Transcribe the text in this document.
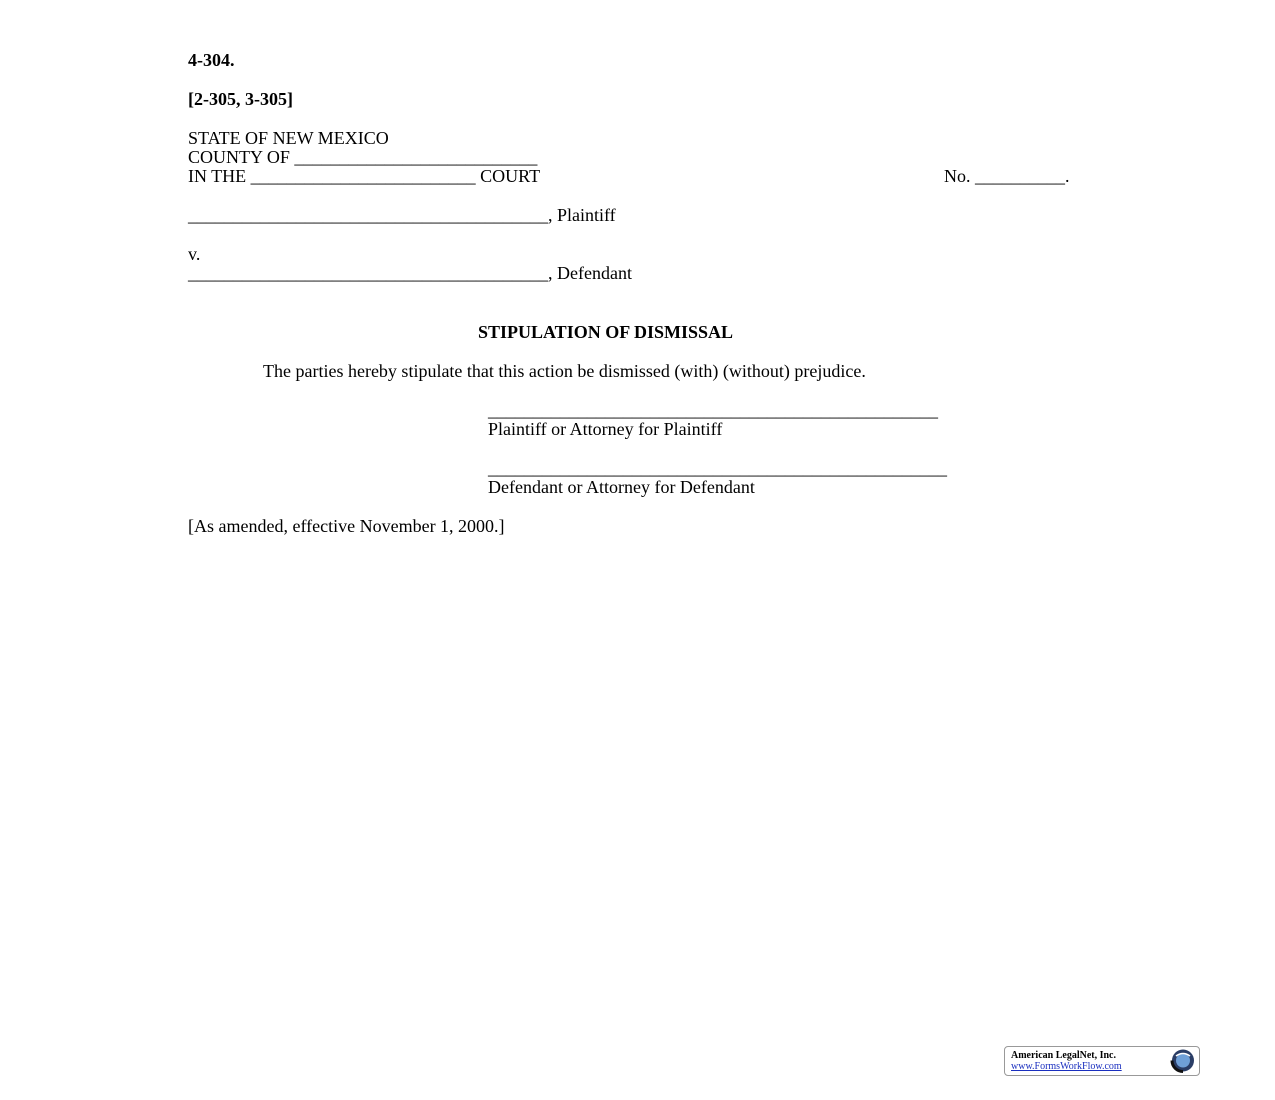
4-304.
[2-305, 3-305]
STATE OF NEW MEXICO
COUNTY OF ___________________________
IN THE _________________________ COURT	No. __________.
________________________________________, Plaintiff
v.
________________________________________, Defendant
STIPULATION OF DISMISSAL
The parties hereby stipulate that this action be dismissed (with) (without) prejudice.
__________________________________________________
Plaintiff or Attorney for Plaintiff
___________________________________________________
Defendant or Attorney for Defendant
[As amended, effective November 1, 2000.]
American LegalNet, Inc.
www.FormsWorkFlow.com
